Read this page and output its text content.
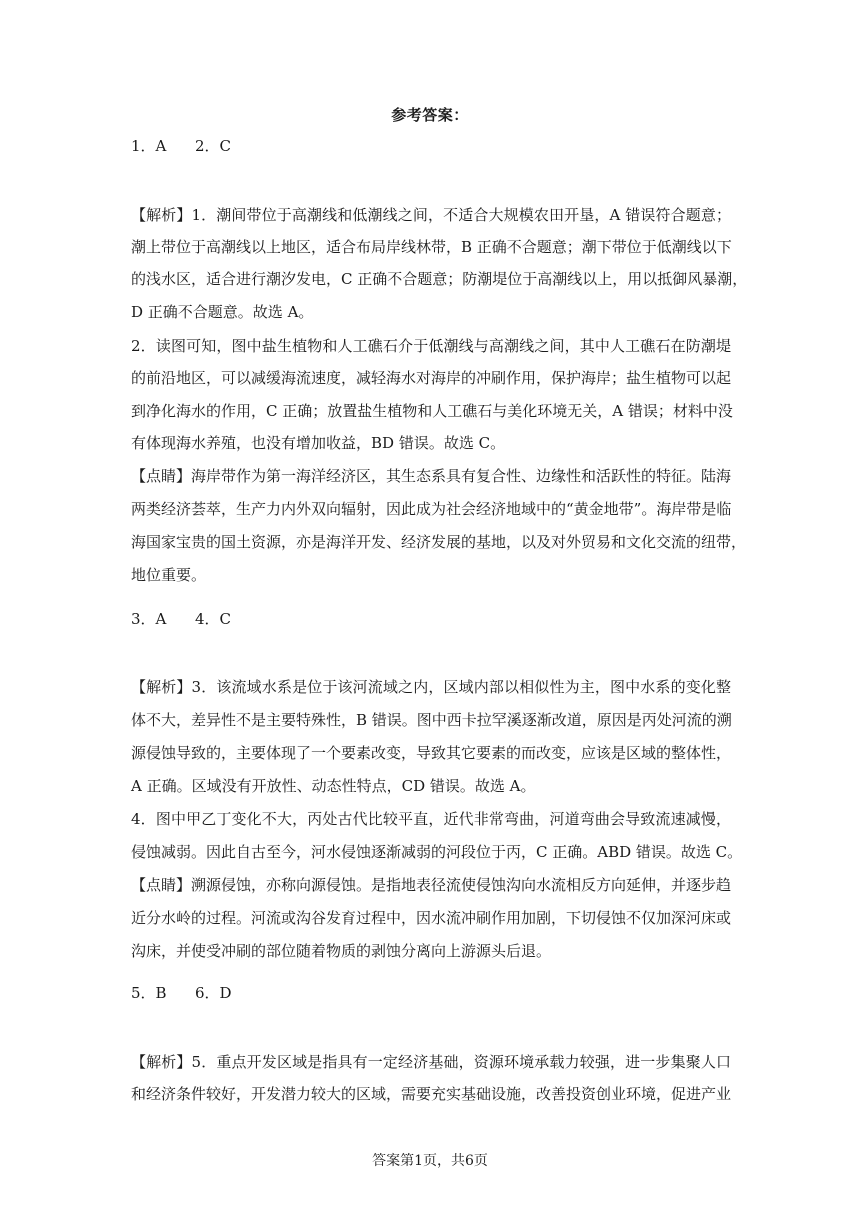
参考答案：
1．A 2．C
【解析】1．潮间带位于高潮线和低潮线之间，不适合大规模农田开垦，A 错误符合题意；
潮上带位于高潮线以上地区，适合布局岸线林带，B 正确不合题意；潮下带位于低潮线以下
的浅水区，适合进行潮汐发电，C 正确不合题意；防潮堤位于高潮线以上，用以抵御风暴潮，
D 正确不合题意。故选 A。
2．读图可知，图中盐生植物和人工礁石介于低潮线与高潮线之间，其中人工礁石在防潮堤
的前沿地区，可以减缓海流速度，减轻海水对海岸的冲刷作用，保护海岸；盐生植物可以起
到净化海水的作用，C 正确；放置盐生植物和人工礁石与美化环境无关，A 错误；材料中没
有体现海水养殖，也没有增加收益，BD 错误。故选 C。
【点睛】海岸带作为第一海洋经济区，其生态系具有复合性、边缘性和活跃性的特征。陆海
两类经济荟萃，生产力内外双向辐射，因此成为社会经济地域中的“黄金地带”。海岸带是临
海国家宝贵的国土资源，亦是海洋开发、经济发展的基地，以及对外贸易和文化交流的纽带，
地位重要。
3．A 4．C
【解析】3．该流域水系是位于该河流域之内，区域内部以相似性为主，图中水系的变化整
体不大，差异性不是主要特殊性，B 错误。图中西卡拉罕溪逐渐改道，原因是丙处河流的溯
源侵蚀导致的，主要体现了一个要素改变，导致其它要素的而改变，应该是区域的整体性，
A 正确。区域没有开放性、动态性特点，CD 错误。故选 A。
4．图中甲乙丁变化不大，丙处古代比较平直，近代非常弯曲，河道弯曲会导致流速减慢，
侵蚀减弱。因此自古至今，河水侵蚀逐渐减弱的河段位于丙，C 正确。ABD 错误。故选 C。
【点睛】溯源侵蚀，亦称向源侵蚀。是指地表径流使侵蚀沟向水流相反方向延伸，并逐步趋
近分水岭的过程。河流或沟谷发育过程中，因水流冲刷作用加剧，下切侵蚀不仅加深河床或
沟床，并使受冲刷的部位随着物质的剥蚀分离向上游源头后退。
5．B 6．D
【解析】5．重点开发区域是指具有一定经济基础，资源环境承载力较强，进一步集聚人口
和经济条件较好，开发潜力较大的区域，需要充实基础设施，改善投资创业环境，促进产业
答案第1页，共6页
